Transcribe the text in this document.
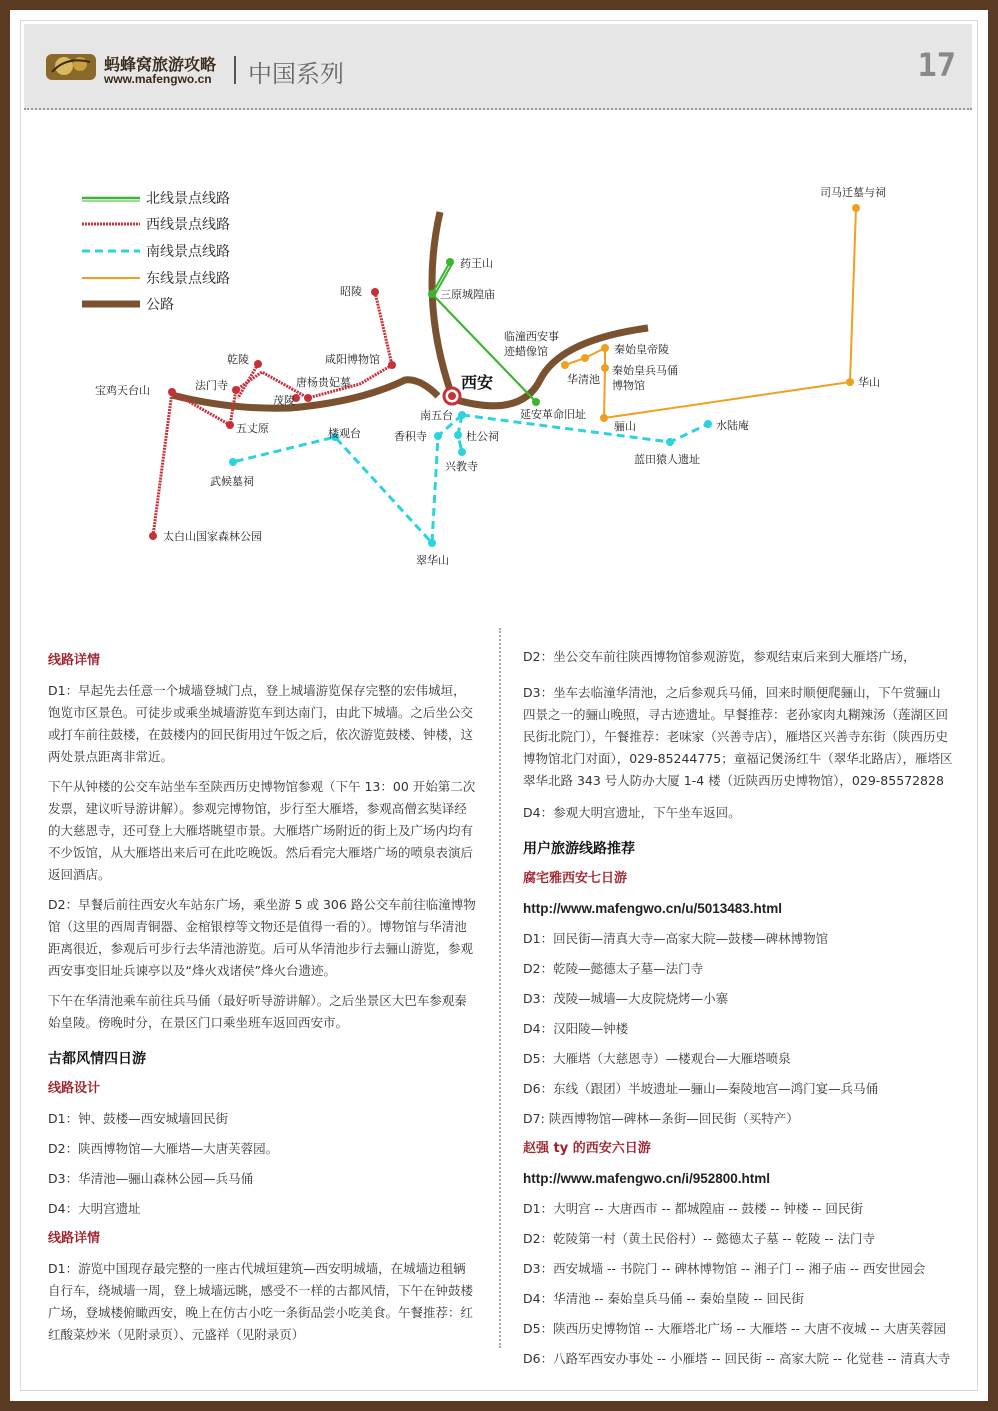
蚂蜂窝旅游攻略
www.mafengwo.cn 中国系列	17
北线景点线路
西线景点线路
南线景点线路
东线景点线路
公路
西安
药王山
三原城隍庙
昭陵
咸阳博物馆
乾陵
法门寺	唐杨贵妃墓
茂陵
宝鸡天台山
五丈原
武候墓祠
太白山国家森林公园
楼观台	香积寺	杜公祠
兴教寺
翠华山
南五台
临潼西安事
迹蜡像馆
延安革命旧址
华清池
秦始皇帝陵
秦始皇兵马俑
博物馆
骊山
蓝田猿人遗址
水陆庵
华山
司马迁墓与祠

线路详情

D1：早起先去任意一个城墙登城门点，登上城墙游览保存完整的宏伟城垣，饱览市区景色。可徒步或乘坐城墙游览车到达南门，由此下城墙。之后坐公交或打车前往鼓楼，在鼓楼内的回民街用过午饭之后，依次游览鼓楼、钟楼，这两处景点距离非常近。

下午从钟楼的公交车站坐车至陕西历史博物馆参观（下午 13：00 开始第二次发票，建议听导游讲解）。参观完博物馆，步行至大雁塔，参观高僧玄奘译经的大慈恩寺，还可登上大雁塔眺望市景。大雁塔广场附近的街上及广场内均有不少饭馆，从大雁塔出来后可在此吃晚饭。然后看完大雁塔广场的喷泉表演后返回酒店。

D2：早餐后前往西安火车站东广场，乘坐游 5 或 306 路公交车前往临潼博物馆（这里的西周青铜器、金棺银椁等文物还是值得一看的）。博物馆与华清池距离很近，参观后可步行去华清池游览。后可从华清池步行去骊山游览，参观西安事变旧址兵谏亭以及“烽火戏诸侯”烽火台遗迹。

下午在华清池乘车前往兵马俑（最好听导游讲解）。之后坐景区大巴车参观秦始皇陵。傍晚时分，在景区门口乘坐班车返回西安市。

古都风情四日游

线路设计

D1：钟、鼓楼—西安城墙回民街

D2：陕西博物馆—大雁塔—大唐芙蓉园。

D3：华清池—骊山森林公园—兵马俑

D4：大明宫遗址

线路详情

D1：游览中国现存最完整的一座古代城垣建筑—西安明城墙，在城墙边租辆自行车，绕城墙一周，登上城墙远眺，感受不一样的古都风情，下午在钟鼓楼广场，登城楼俯瞰西安，晚上在仿古小吃一条街品尝小吃美食。午餐推荐：红红酸菜炒米（见附录页）、元盛祥（见附录页）

D2：坐公交车前往陕西博物馆参观游览，参观结束后来到大雁塔广场，

D3：坐车去临潼华清池，之后参观兵马俑，回来时顺便爬骊山，下午赏骊山四景之一的骊山晚照，寻古迹遗址。早餐推荐：老孙家肉丸糊辣汤（莲湖区回民街北院门），午餐推荐：老味家（兴善寺店），雁塔区兴善寺东街（陕西历史博物馆北门对面），029-85244775；童福记煲汤红牛（翠华北路店），雁塔区翠华北路 343 号人防办大厦 1-4 楼（近陕西历史博物馆），029-85572828

D4：参观大明宫遗址，下午坐车返回。

用户旅游线路推荐

腐宅雅西安七日游

http://www.mafengwo.cn/u/5013483.html

D1：回民街—清真大寺—高家大院—鼓楼—碑林博物馆

D2：乾陵—懿德太子墓—法门寺

D3：茂陵—城墙—大皮院烧烤—小寨

D4：汉阳陵—钟楼

D5：大雁塔（大慈恩寺）—楼观台—大雁塔喷泉

D6：东线（跟团）半坡遗址—骊山—秦陵地宫—鸿门宴—兵马俑

D7: 陕西博物馆—碑林—条街—回民街（买特产）

赵强 ty 的西安六日游

http://www.mafengwo.cn/i/952800.html

D1：大明宫 -- 大唐西市 -- 都城隍庙 -- 鼓楼 -- 钟楼 -- 回民街

D2：乾陵第一村（黄土民俗村）-- 懿德太子墓 -- 乾陵 -- 法门寺

D3：西安城墙 -- 书院门 -- 碑林博物馆 -- 湘子门 -- 湘子庙 -- 西安世园会

D4：华清池 -- 秦始皇兵马俑 -- 秦始皇陵 -- 回民街

D5：陕西历史博物馆 -- 大雁塔北广场 -- 大雁塔 -- 大唐不夜城 -- 大唐芙蓉园

D6：八路军西安办事处 -- 小雁塔 -- 回民街 -- 高家大院 -- 化觉巷 -- 清真大寺
